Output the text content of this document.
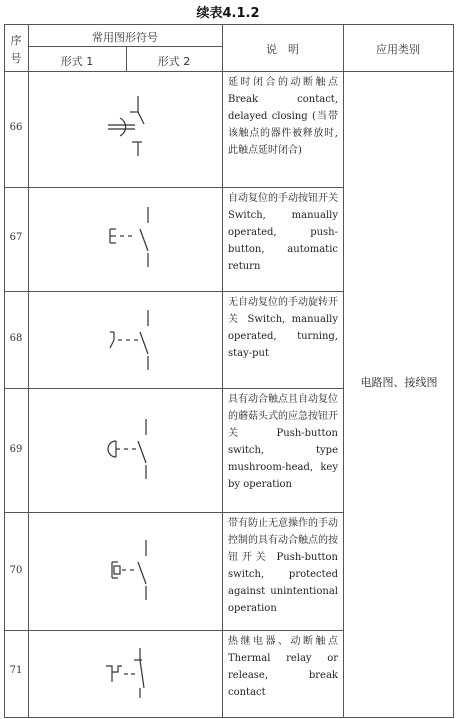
续表4.1.2
序号
常用图形符号
形式 1	形式 2
说　明	应用类别
66
延时闭合的动断触点 Break contact, delayed closing (当带该触点的器件被释放时, 此触点延时闭合)
67
自动复位的手动按钮开关 Switch, manually operated, push-button, automatic return
68
无自动复位的手动旋转开关 Switch, manually operated, turning, stay-put
69
具有动合触点且自动复位的蘑菇头式的应急按钮开关 Push-button switch, type mushroom-head, key by operation
70
带有防止无意操作的手动控制的具有动合触点的按钮开关 Push-button switch, protected against unintentional operation
71
热继电器、动断触点 Thermal relay or release, break contact
电路图、接线图
